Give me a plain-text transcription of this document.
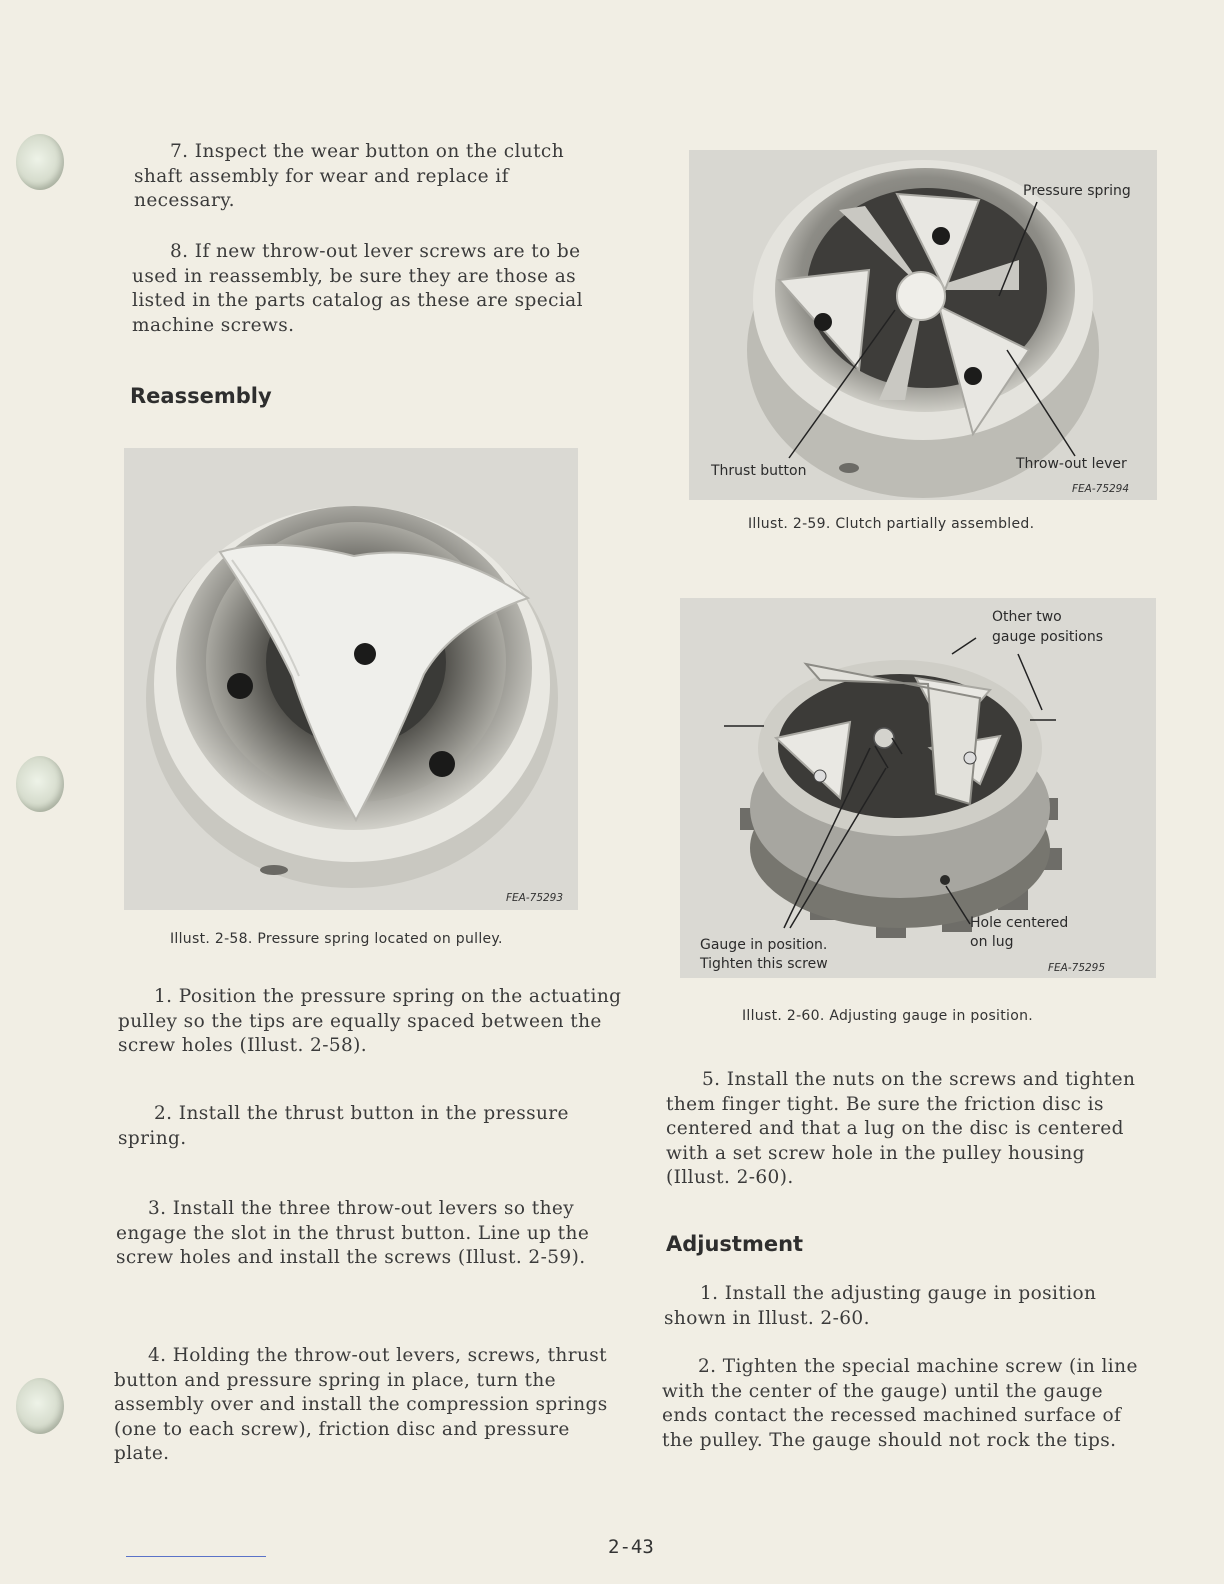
7. Inspect the wear button on the clutch shaft assembly for wear and replace if necessary.

8. If new throw-out lever screws are to be used in reassembly, be sure they are those as listed in the parts catalog as these are special machine screws.

Reassembly
FEA-75293

Illust. 2-58. Pressure spring located on pulley.

1. Position the pressure spring on the actuating pulley so the tips are equally spaced between the screw holes (Illust. 2-58).

2. Install the thrust button in the pressure spring.

3. Install the three throw-out levers so they engage the slot in the thrust button. Line up the screw holes and install the screws (Illust. 2-59).

4. Holding the throw-out levers, screws, thrust button and pressure spring in place, turn the assembly over and install the compression springs (one to each screw), friction disc and pressure plate.

Pressure spring
Thrust button	Throw-out lever
FEA-75294

Illust. 2-59. Clutch partially assembled.

Other two
gauge positions
Gauge in position.
Tighten this screw
Hole centered
on lug
FEA-75295

Illust. 2-60. Adjusting gauge in position.

5. Install the nuts on the screws and tighten them finger tight. Be sure the friction disc is centered and that a lug on the disc is centered with a set screw hole in the pulley housing (Illust. 2-60).

Adjustment

1. Install the adjusting gauge in position shown in Illust. 2-60.

2. Tighten the special machine screw (in line with the center of the gauge) until the gauge ends contact the recessed machined surface of the pulley. The gauge should not rock the tips.

2-43
